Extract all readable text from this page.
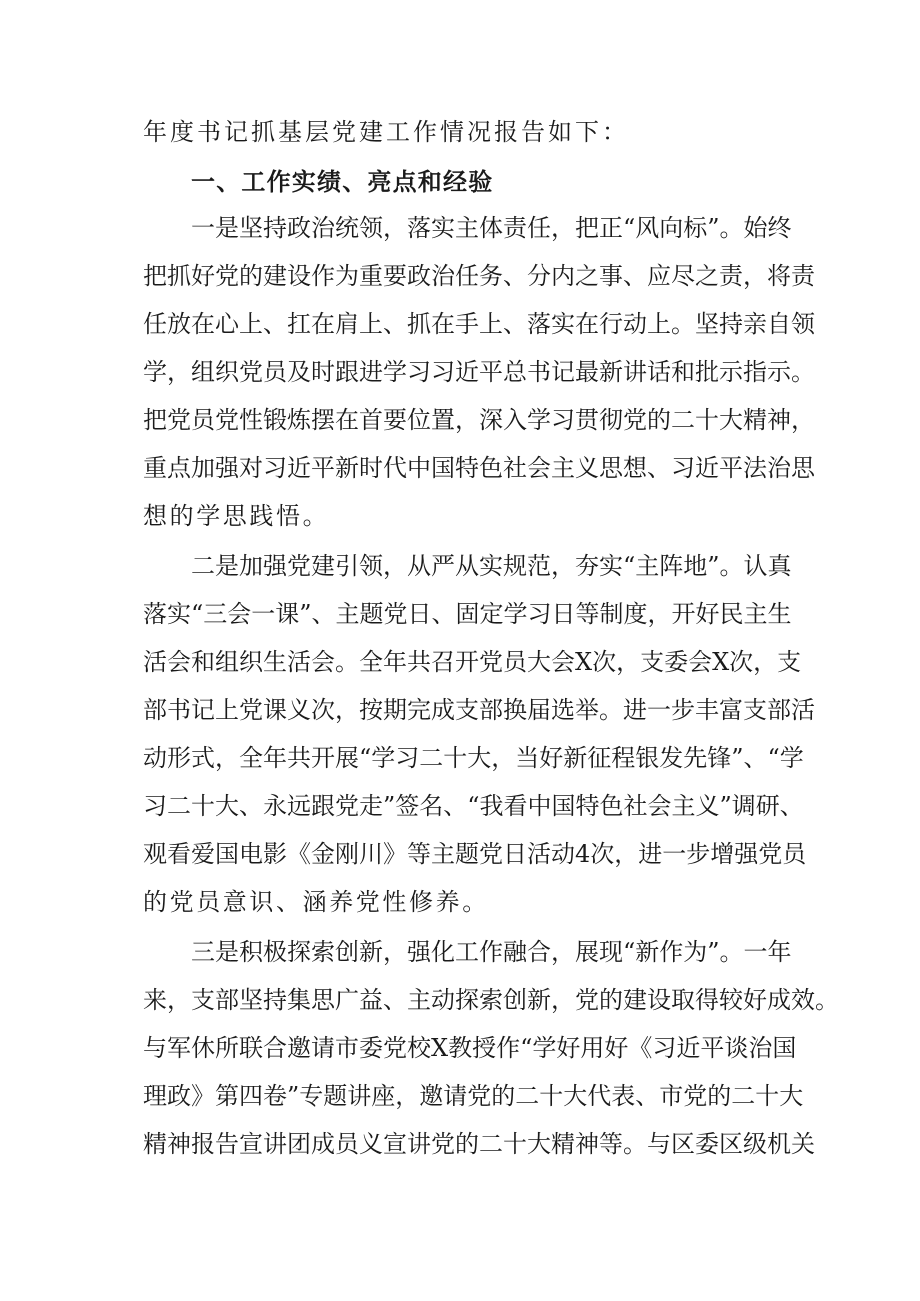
年度书记抓基层党建工作情况报告如下：
一、工作实绩、亮点和经验
一是坚持政治统领，落实主体责任，把正“风向标”。始终
把抓好党的建设作为重要政治任务、分内之事、应尽之责，将责
任放在心上、扛在肩上、抓在手上、落实在行动上。坚持亲自领
学，组织党员及时跟进学习习近平总书记最新讲话和批示指示。
把党员党性锻炼摆在首要位置，深入学习贯彻党的二十大精神，
重点加强对习近平新时代中国特色社会主义思想、习近平法治思
想的学思践悟。
二是加强党建引领，从严从实规范，夯实“主阵地”。认真
落实“三会一课”、主题党日、固定学习日等制度，开好民主生
活会和组织生活会。全年共召开党员大会X次，支委会X次，支
部书记上党课义次，按期完成支部换届选举。进一步丰富支部活
动形式，全年共开展“学习二十大，当好新征程银发先锋”、“学
习二十大、永远跟党走”签名、“我看中国特色社会主义”调研、
观看爱国电影《金刚川》等主题党日活动4次，进一步增强党员
的党员意识、涵养党性修养。
三是积极探索创新，强化工作融合，展现“新作为”。一年
来，支部坚持集思广益、主动探索创新，党的建设取得较好成效。
与军休所联合邀请市委党校X教授作“学好用好《习近平谈治国
理政》第四卷”专题讲座，邀请党的二十大代表、市党的二十大
精神报告宣讲团成员义宣讲党的二十大精神等。与区委区级机关
